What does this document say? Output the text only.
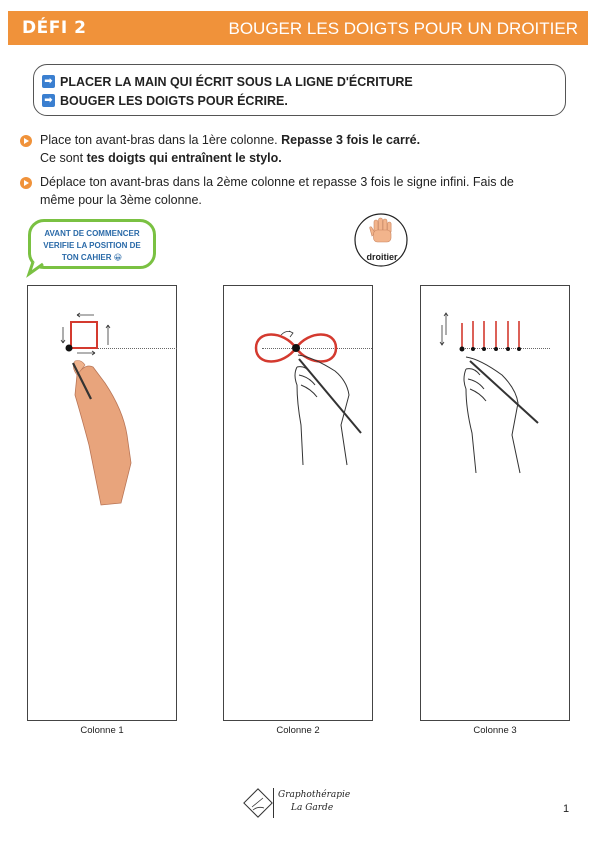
DÉFI 2	BOUGER LES DOIGTS POUR UN DROITIER
➡ PLACER LA MAIN QUI ÉCRIT SOUS LA LIGNE D'ÉCRITURE
➡ BOUGER LES DOIGTS POUR ÉCRIRE.
Place ton avant-bras dans la 1ère colonne. Repasse 3 fois le carré.
Ce sont tes doigts qui entraînent le stylo.
Déplace ton avant-bras dans la 2ème colonne et repasse 3 fois le signe infini. Fais de
même pour la 3ème colonne.
AVANT DE COMMENCER
VERIFIE LA POSITION DE
TON CAHIER 😀	droitier
Colonne 1	Colonne 2	Colonne 3
Graphothérapie
La Garde	1
